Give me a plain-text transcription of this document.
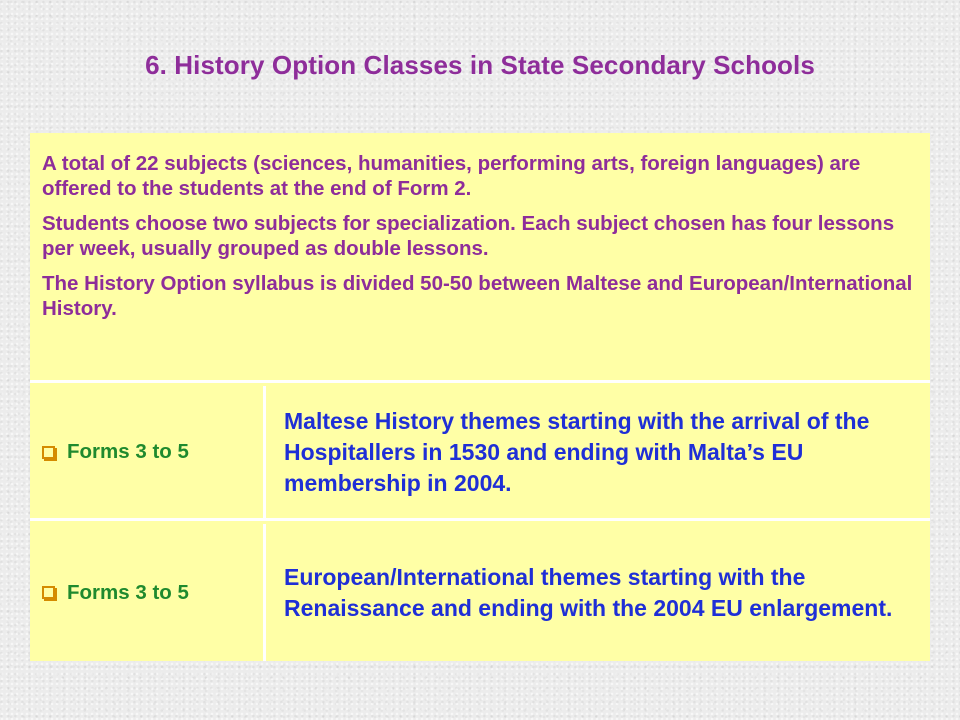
6. History Option Classes in State Secondary Schools

A total of 22 subjects (sciences, humanities, performing arts, foreign languages) are offered to the students at the end of Form 2.

Students choose two subjects for specialization. Each subject chosen has four lessons per week, usually grouped as double lessons.

The History Option syllabus is divided 50-50 between Maltese and European/International History.

Forms 3 to 5

Maltese History themes starting with the arrival of the Hospitallers in 1530 and ending with Malta’s EU membership in 2004.

Forms 3 to 5

European/International themes starting with the Renaissance and ending with the 2004 EU enlargement.
